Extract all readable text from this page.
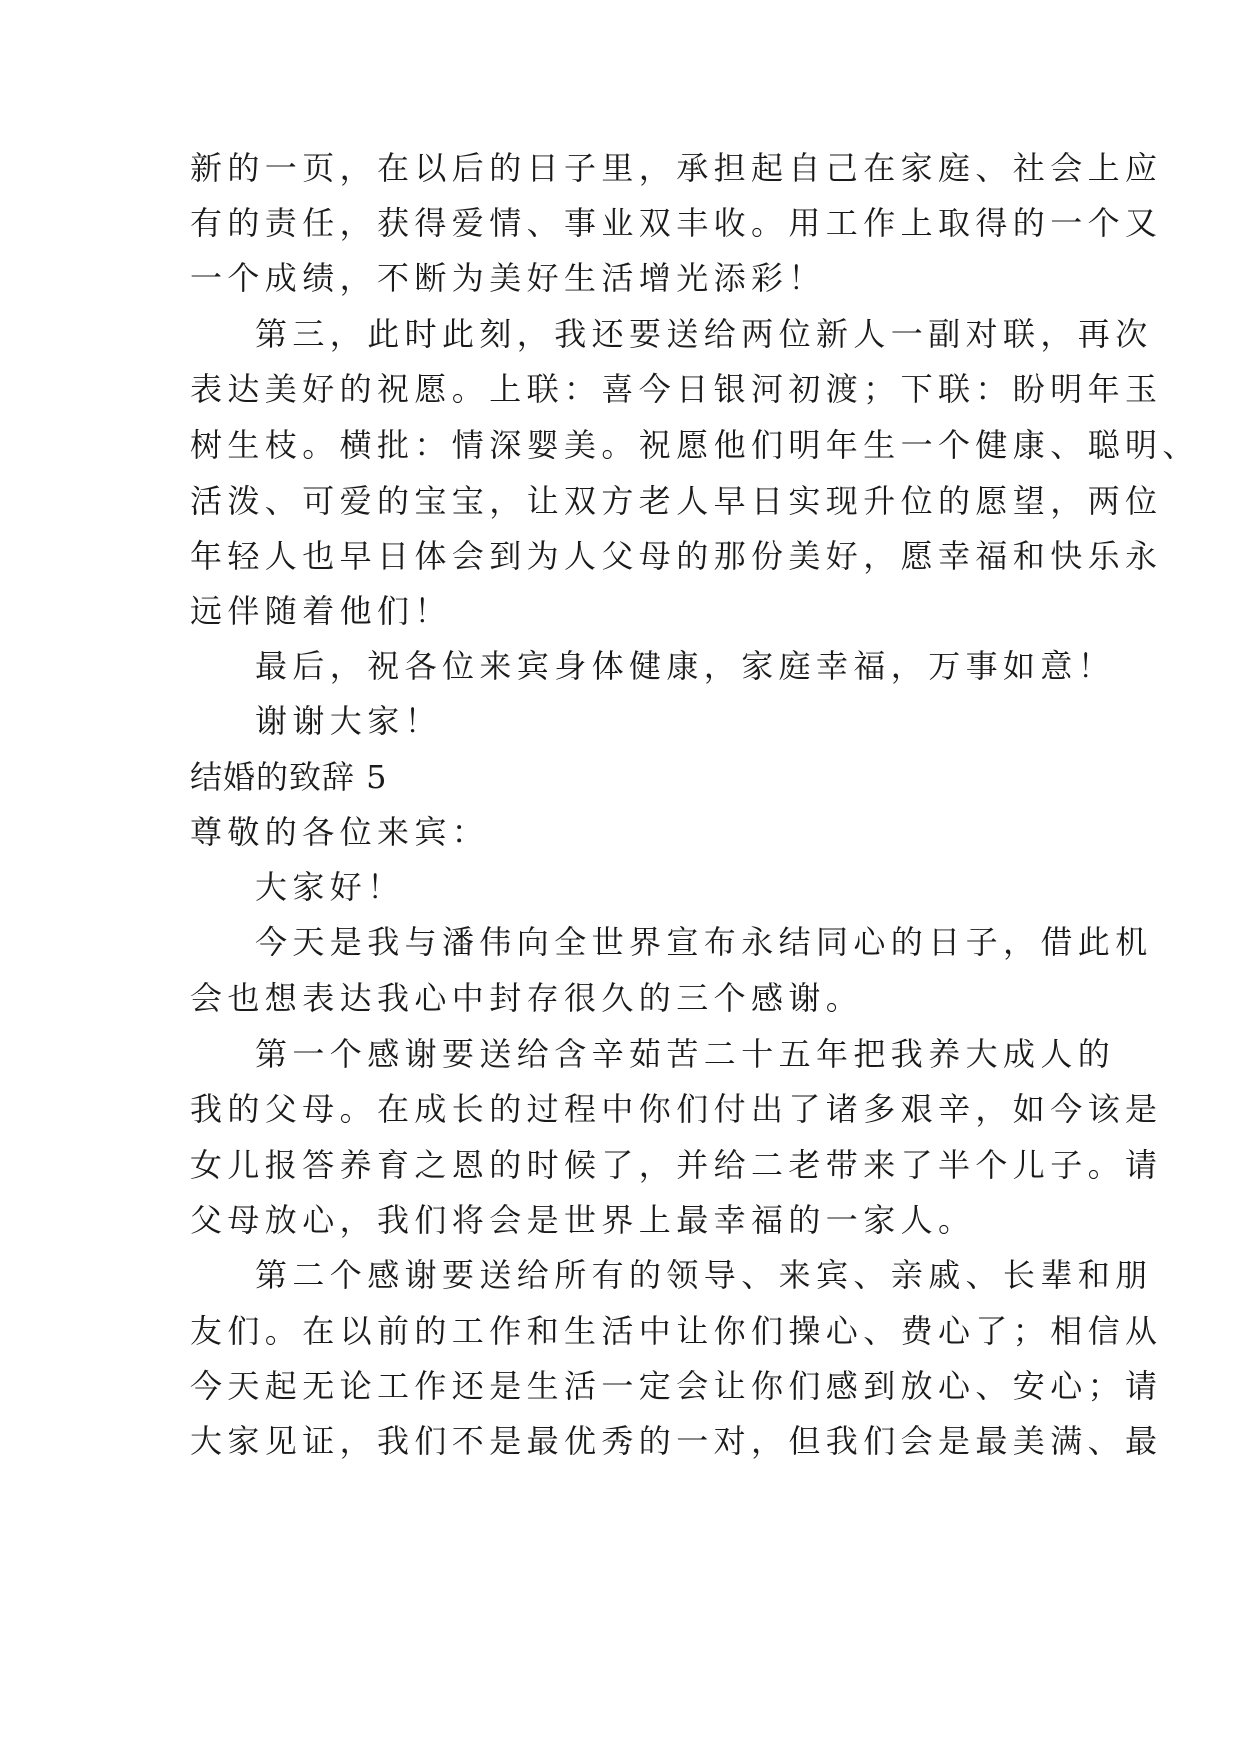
新的一页，在以后的日子里，承担起自己在家庭、社会上应
有的责任，获得爱情、事业双丰收。用工作上取得的一个又
一个成绩，不断为美好生活增光添彩！
第三，此时此刻，我还要送给两位新人一副对联，再次
表达美好的祝愿。上联：喜今日银河初渡；下联：盼明年玉
树生枝。横批：情深婴美。祝愿他们明年生一个健康、聪明、
活泼、可爱的宝宝，让双方老人早日实现升位的愿望，两位
年轻人也早日体会到为人父母的那份美好，愿幸福和快乐永
远伴随着他们！
最后，祝各位来宾身体健康，家庭幸福，万事如意！
谢谢大家！
结婚的致辞 5
尊敬的各位来宾：
大家好！
今天是我与潘伟向全世界宣布永结同心的日子，借此机
会也想表达我心中封存很久的三个感谢。
第一个感谢要送给含辛茹苦二十五年把我养大成人的
我的父母。在成长的过程中你们付出了诸多艰辛，如今该是
女儿报答养育之恩的时候了，并给二老带来了半个儿子。请
父母放心，我们将会是世界上最幸福的一家人。
第二个感谢要送给所有的领导、来宾、亲戚、长辈和朋
友们。在以前的工作和生活中让你们操心、费心了；相信从
今天起无论工作还是生活一定会让你们感到放心、安心；请
大家见证，我们不是最优秀的一对，但我们会是最美满、最
